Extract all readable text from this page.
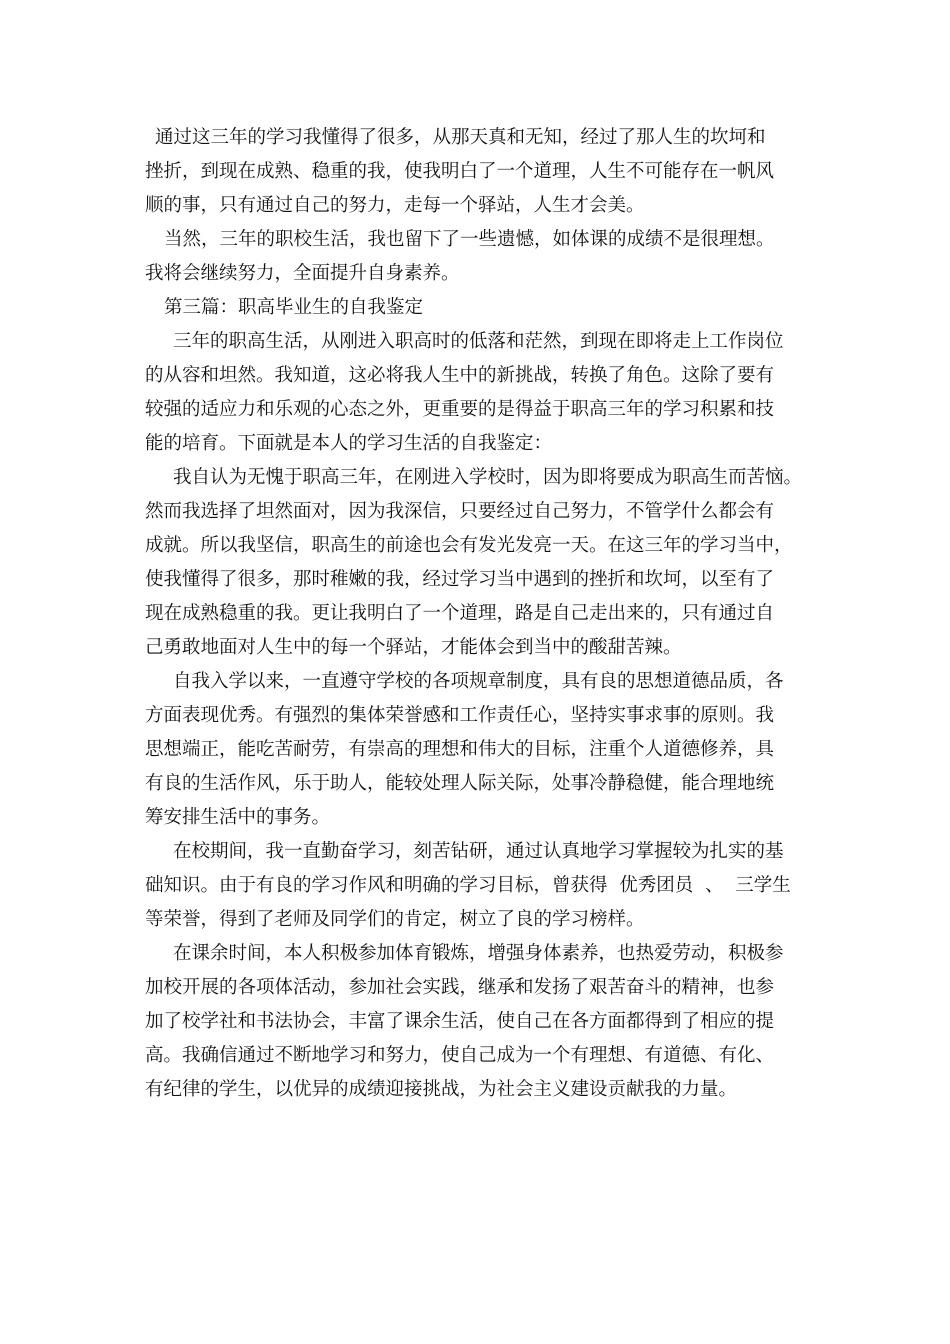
通过这三年的学习我懂得了很多，从那天真和无知，经过了那人生的坎坷和
挫折，到现在成熟、稳重的我，使我明白了一个道理，人生不可能存在一帆风
顺的事，只有通过自己的努力，走每一个驿站，人生才会美。
当然，三年的职校生活，我也留下了一些遗憾，如体课的成绩不是很理想。
我将会继续努力，全面提升自身素养。
第三篇：职高毕业生的自我鉴定
三年的职高生活，从刚进入职高时的低落和茫然，到现在即将走上工作岗位
的从容和坦然。我知道，这必将我人生中的新挑战，转换了角色。这除了要有
较强的适应力和乐观的心态之外，更重要的是得益于职高三年的学习积累和技
能的培育。下面就是本人的学习生活的自我鉴定：
我自认为无愧于职高三年，在刚进入学校时，因为即将要成为职高生而苦恼。
然而我选择了坦然面对，因为我深信，只要经过自己努力，不管学什么都会有
成就。所以我坚信，职高生的前途也会有发光发亮一天。在这三年的学习当中，
使我懂得了很多，那时稚嫩的我，经过学习当中遇到的挫折和坎坷，以至有了
现在成熟稳重的我。更让我明白了一个道理，路是自己走出来的，只有通过自
己勇敢地面对人生中的每一个驿站，才能体会到当中的酸甜苦辣。
自我入学以来，一直遵守学校的各项规章制度，具有良的思想道德品质，各
方面表现优秀。有强烈的集体荣誉感和工作责任心，坚持实事求事的原则。我
思想端正，能吃苦耐劳，有崇高的理想和伟大的目标，注重个人道德修养，具
有良的生活作风，乐于助人，能较处理人际关际，处事冷静稳健，能合理地统
筹安排生活中的事务。
在校期间，我一直勤奋学习，刻苦钻研，通过认真地学习掌握较为扎实的基
础知识。由于有良的学习作风和明确的学习目标，曾获得  优秀团员  、  三学生
等荣誉，得到了老师及同学们的肯定，树立了良的学习榜样。
在课余时间，本人积极参加体育锻炼，增强身体素养，也热爱劳动，积极参
加校开展的各项体活动，参加社会实践，继承和发扬了艰苦奋斗的精神，也参
加了校学社和书法协会，丰富了课余生活，使自己在各方面都得到了相应的提
高。我确信通过不断地学习和努力，使自己成为一个有理想、有道德、有化、
有纪律的学生，以优异的成绩迎接挑战，为社会主义建设贡献我的力量。
